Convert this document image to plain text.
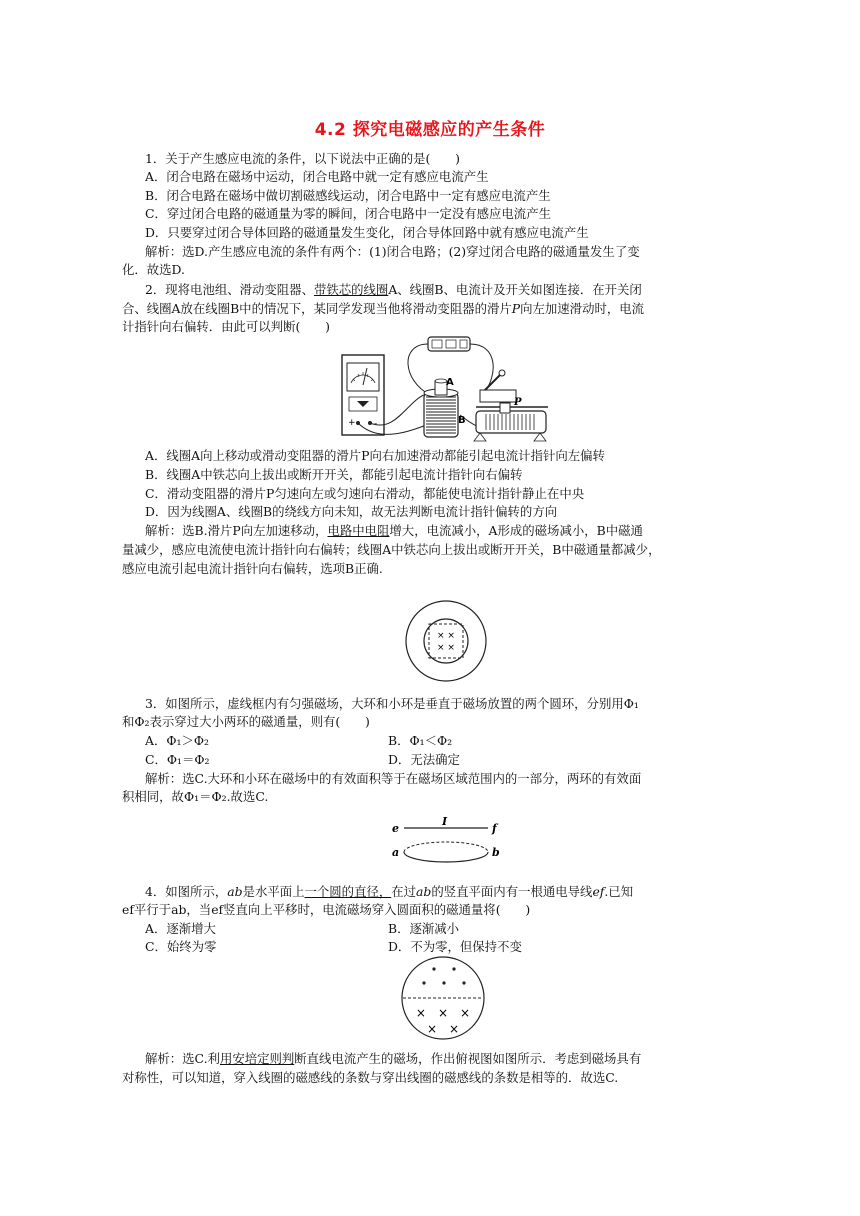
4.2 探究电磁感应的产生条件
1．关于产生感应电流的条件，以下说法中正确的是(　　)
A．闭合电路在磁场中运动，闭合电路中就一定有感应电流产生
B．闭合电路在磁场中做切割磁感线运动，闭合电路中一定有感应电流产生
C．穿过闭合电路的磁通量为零的瞬间，闭合电路中一定没有感应电流产生
D．只要穿过闭合导体回路的磁通量发生变化，闭合导体回路中就有感应电流产生
解析：选D.产生感应电流的条件有两个：(1)闭合电路；(2)穿过闭合电路的磁通量发生了变
化．故选D.
2．现将电池组、滑动变阻器、带铁芯的线圈A、线圈B、电流计及开关如图连接．在开关闭
合、线圈A放在线圈B中的情况下，某同学发现当他将滑动变阻器的滑片P向左加速滑动时，电流
计指针向右偏转．由此可以判断(　　)
+ -
A
B
P
A．线圈A向上移动或滑动变阻器的滑片P向右加速滑动都能引起电流计指针向左偏转
B．线圈A中铁芯向上拔出或断开开关，都能引起电流计指针向右偏转
C．滑动变阻器的滑片P匀速向左或匀速向右滑动，都能使电流计指针静止在中央
D．因为线圈A、线圈B的绕线方向未知，故无法判断电流计指针偏转的方向
解析：选B.滑片P向左加速移动，电路中电阻增大，电流减小，A形成的磁场减小，B中磁通
量减少，感应电流使电流计指针向右偏转；线圈A中铁芯向上拔出或断开开关，B中磁通量都减少，
感应电流引起电流计指针向右偏转，选项B正确.
× ×
× ×
3．如图所示，虚线框内有匀强磁场，大环和小环是垂直于磁场放置的两个圆环，分别用Φ₁
和Φ₂表示穿过大小两环的磁通量，则有(　　)
A．Φ₁＞Φ₂	B．Φ₁＜Φ₂
C．Φ₁＝Φ₂	D．无法确定
解析：选C.大环和小环在磁场中的有效面积等于在磁场区域范围内的一部分，两环的有效面
积相同，故Φ₁＝Φ₂.故选C.
e
I
f
a	b
4．如图所示，ab是水平面上一个圆的直径，在过ab的竖直平面内有一根通电导线ef.已知
ef平行于ab，当ef竖直向上平移时，电流磁场穿入圆面积的磁通量将(　　)
A．逐渐增大	B．逐渐减小
C．始终为零	D．不为零，但保持不变
×　×　×
×　×
解析：选C.利用安培定则判断直线电流产生的磁场，作出俯视图如图所示．考虑到磁场具有
对称性，可以知道，穿入线圈的磁感线的条数与穿出线圈的磁感线的条数是相等的．故选C.
